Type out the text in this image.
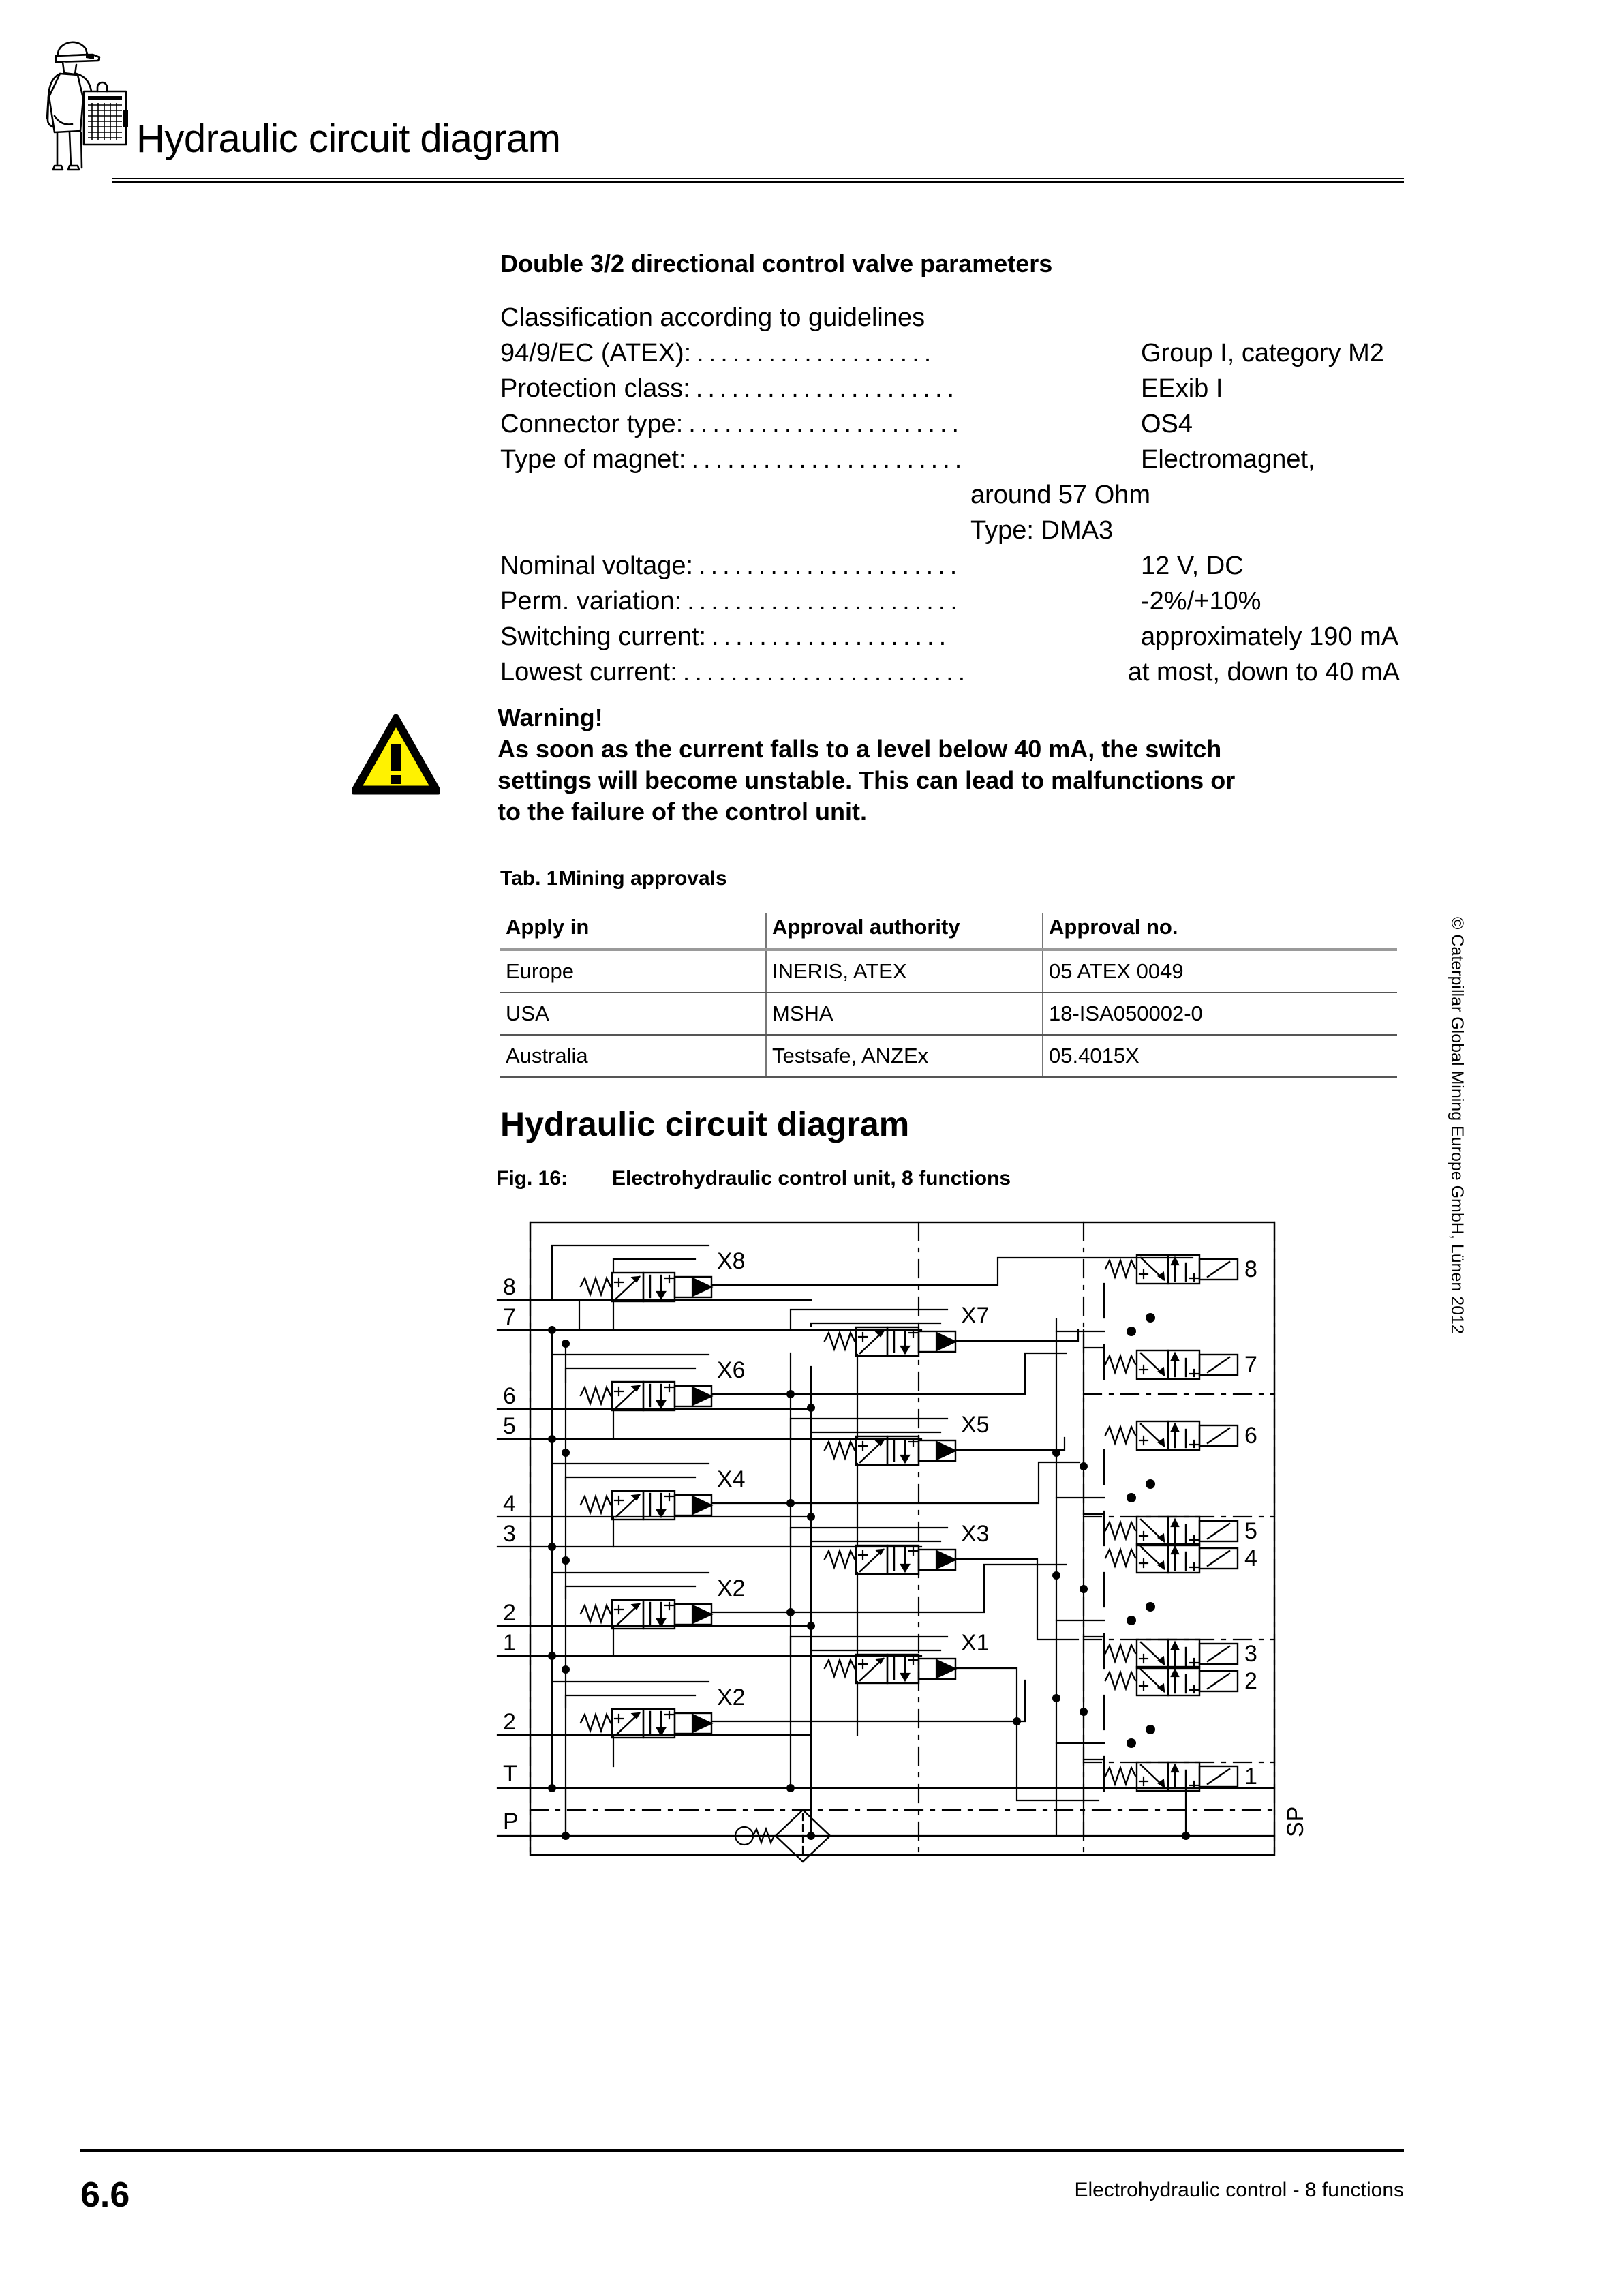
Hydraulic circuit diagram
Double 3/2 directional control valve parameters
Classification according to guidelines
94/9/EC (ATEX): ....................	Group I, category M2
Protection class: ......................	EExib I
Connector type: .......................	OS4
Type of magnet: .......................	Electromagnet,
around 57 Ohm
Type: DMA3
Nominal voltage: ......................	12 V, DC
Perm. variation: .......................	-2%/+10%
Switching current: ....................	approximately 190 mA
Lowest current: ........................	at most, down to 40 mA
Warning!
As soon as the current falls to a level below 40 mA, the switch
settings will become unstable. This can lead to malfunctions or
to the failure of the control unit.
Tab. 1:Mining approvals
Apply in	Approval authority	Approval no.
Europe	INERIS, ATEX	05 ATEX 0049
USA	MSHA	18-ISA050002-0
Australia	Testsafe, ANZEx	05.4015X
Hydraulic circuit diagram
Fig. 16: Electrohydraulic control unit, 8 functions
8
7
6
5
4
3
2
1
2
T
P
X8
X6
X4
X2
X2
X7
X5
X3
X1
8
7
6
5
4
3
2
1
SP
© Caterpillar Global Mining Europe GmbH, Lünen 2012
6.6	Electrohydraulic control - 8 functions
